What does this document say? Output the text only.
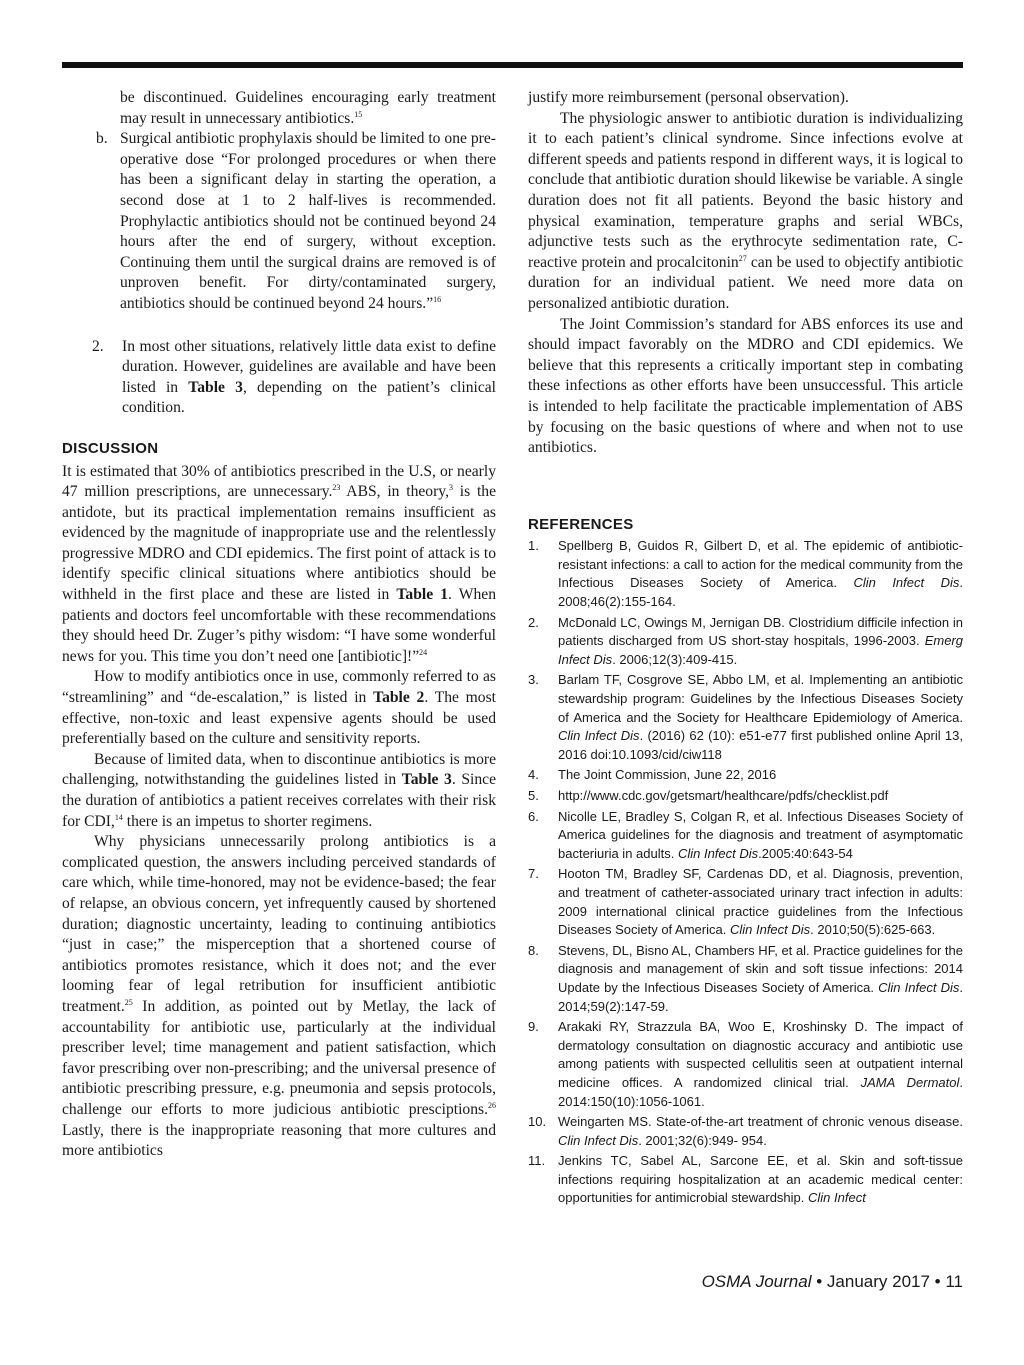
be discontinued. Guidelines encouraging early treatment may result in unnecessary antibiotics.$^{15}$

b. Surgical antibiotic prophylaxis should be limited to one pre-operative dose “For prolonged procedures or when there has been a significant delay in starting the operation, a second dose at 1 to 2 half-lives is recommended. Prophylactic antibiotics should not be continued beyond 24 hours after the end of surgery, without exception. Continuing them until the surgical drains are removed is of unproven benefit. For dirty/contaminated surgery, antibiotics should be continued beyond 24 hours.”$^{16}$

2.	In most other situations, relatively little data exist to define duration. However, guidelines are available and have been listed in Table 3, depending on the patient’s clinical condition.

DISCUSSION

It is estimated that 30% of antibiotics prescribed in the U.S, or nearly 47 million prescriptions, are unnecessary.$^{23}$ ABS, in theory,$^3$ is the antidote, but its practical implementation remains insufficient as evidenced by the magnitude of inappropriate use and the relentlessly progressive MDRO and CDI epidemics. The first point of attack is to identify specific clinical situations where antibiotics should be withheld in the first place and these are listed in Table 1. When patients and doctors feel uncomfortable with these recommendations they should heed Dr. Zuger’s pithy wisdom: “I have some wonderful news for you. This time you don’t need one [antibiotic]!”$^{24}$

How to modify antibiotics once in use, commonly referred to as “streamlining” and “de-escalation,” is listed in Table 2. The most effective, non-toxic and least expensive agents should be used preferentially based on the culture and sensitivity reports.

Because of limited data, when to discontinue antibiotics is more challenging, notwithstanding the guidelines listed in Table 3. Since the duration of antibiotics a patient receives correlates with their risk for CDI,$^{14}$ there is an impetus to shorter regimens.

Why physicians unnecessarily prolong antibiotics is a complicated question, the answers including perceived standards of care which, while time-honored, may not be evidence-based; the fear of relapse, an obvious concern, yet infrequently caused by shortened duration; diagnostic uncertainty, leading to continuing antibiotics “just in case;” the misperception that a shortened course of antibiotics promotes resistance, which it does not; and the ever looming fear of legal retribution for insufficient antibiotic treatment.$^{25}$ In addition, as pointed out by Metlay, the lack of accountability for antibiotic use, particularly at the individual prescriber level; time management and patient satisfaction, which favor prescribing over non-prescribing; and the universal presence of antibiotic prescribing pressure, e.g. pneumonia and sepsis protocols, challenge our efforts to more judicious antibiotic presciptions.$^{26}$ Lastly, there is the inappropriate reasoning that more cultures and more antibiotics

justify more reimbursement (personal observation).

The physiologic answer to antibiotic duration is individualizing it to each patient’s clinical syndrome. Since infections evolve at different speeds and patients respond in different ways, it is logical to conclude that antibiotic duration should likewise be variable. A single duration does not fit all patients. Beyond the basic history and physical examination, temperature graphs and serial WBCs, adjunctive tests such as the erythrocyte sedimentation rate, C-reactive protein and procalcitonin$^{27}$ can be used to objectify antibiotic duration for an individual patient. We need more data on personalized antibiotic duration.

The Joint Commission’s standard for ABS enforces its use and should impact favorably on the MDRO and CDI epidemics. We believe that this represents a critically important step in combating these infections as other efforts have been unsuccessful. This article is intended to help facilitate the practicable implementation of ABS by focusing on the basic questions of where and when not to use antibiotics.

REFERENCES
1.	Spellberg B, Guidos R, Gilbert D, et al. The epidemic of antibiotic-resistant infections: a call to action for the medical community from the Infectious Diseases Society of America. Clin Infect Dis. 2008;46(2):155-164.
2.	McDonald LC, Owings M, Jernigan DB. Clostridium difficile infection in patients discharged from US short-stay hospitals, 1996-2003. Emerg Infect Dis. 2006;12(3):409-415.
3.	Barlam TF, Cosgrove SE, Abbo LM, et al. Implementing an antibiotic stewardship program: Guidelines by the Infectious Diseases Society of America and the Society for Healthcare Epidemiology of America. Clin Infect Dis. (2016) 62 (10): e51-e77 first published online April 13, 2016 doi:10.1093/cid/ciw118
4.	The Joint Commission, June 22, 2016
5.	http://www.cdc.gov/getsmart/healthcare/pdfs/checklist.pdf
6.	Nicolle LE, Bradley S, Colgan R, et al. Infectious Diseases Society of America guidelines for the diagnosis and treatment of asymptomatic bacteriuria in adults. Clin Infect Dis.2005:40:643-54
7.	Hooton TM, Bradley SF, Cardenas DD, et al. Diagnosis, prevention, and treatment of catheter-associated urinary tract infection in adults: 2009 international clinical practice guidelines from the Infectious Diseases Society of America. Clin Infect Dis. 2010;50(5):625-663.
8.	Stevens, DL, Bisno AL, Chambers HF, et al. Practice guidelines for the diagnosis and management of skin and soft tissue infections: 2014 Update by the Infectious Diseases Society of America. Clin Infect Dis. 2014;59(2):147-59.
9.	Arakaki RY, Strazzula BA, Woo E, Kroshinsky D. The impact of dermatology consultation on diagnostic accuracy and antibiotic use among patients with suspected cellulitis seen at outpatient internal medicine offices. A randomized clinical trial. JAMA Dermatol. 2014:150(10):1056-1061.
10. Weingarten MS. State-of-the-art treatment of chronic venous disease. Clin Infect Dis. 2001;32(6):949- 954.
11. Jenkins TC, Sabel AL, Sarcone EE, et al. Skin and soft-tissue infections requiring hospitalization at an academic medical center: opportunities for antimicrobial stewardship. Clin Infect
OSMA Journal • January 2017 • 11
